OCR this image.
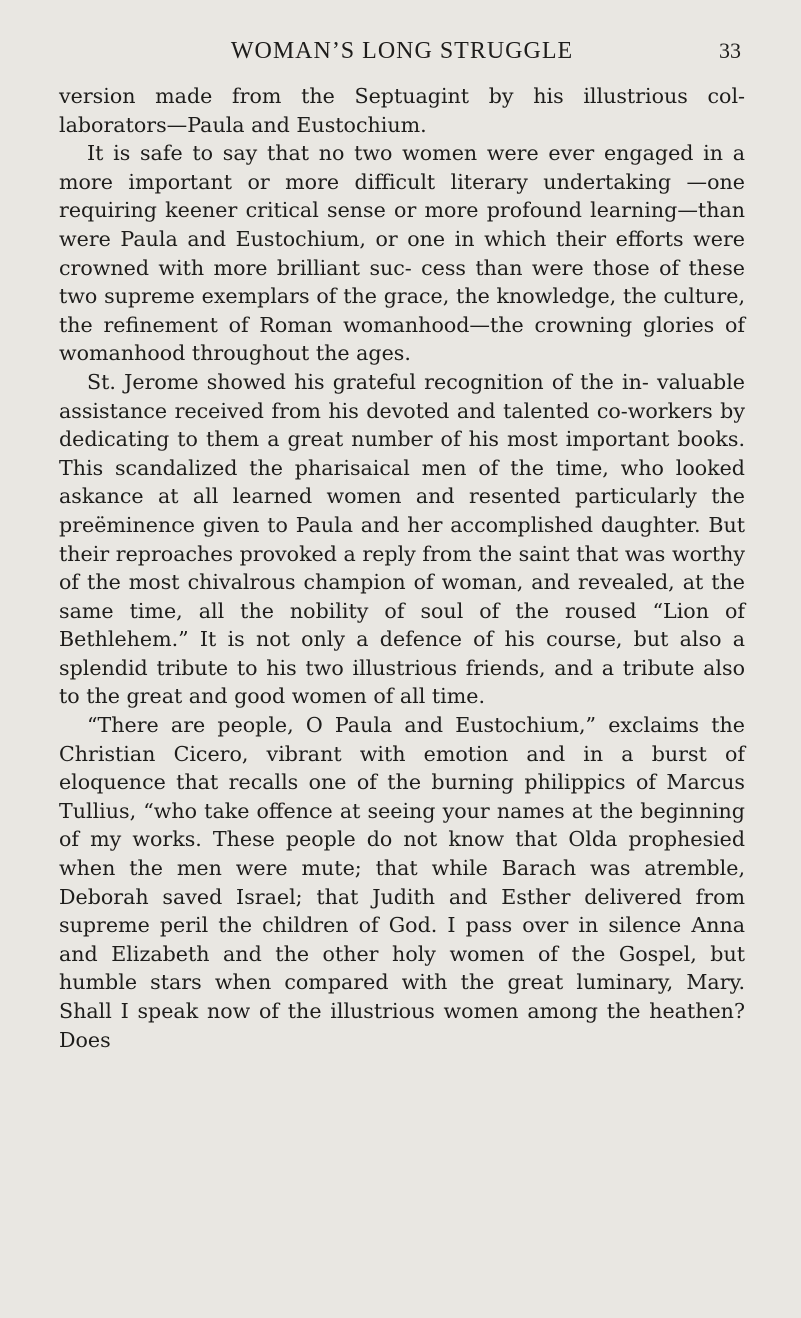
WOMAN’S LONG STRUGGLE	33

version made from the Septuagint by his illustrious col- laborators—Paula and Eustochium.

It is safe to say that no two women were ever engaged in a more important or more difficult literary undertaking —one requiring keener critical sense or more profound learning—than were Paula and Eustochium, or one in which their efforts were crowned with more brilliant suc- cess than were those of these two supreme exemplars of the grace, the knowledge, the culture, the refinement of Roman womanhood—the crowning glories of womanhood throughout the ages.

St. Jerome showed his grateful recognition of the in- valuable assistance received from his devoted and talented co-workers by dedicating to them a great number of his most important books. This scandalized the pharisaical men of the time, who looked askance at all learned women and resented particularly the preëminence given to Paula and her accomplished daughter. But their reproaches provoked a reply from the saint that was worthy of the most chivalrous champion of woman, and revealed, at the same time, all the nobility of soul of the roused “Lion of Bethlehem.” It is not only a defence of his course, but also a splendid tribute to his two illustrious friends, and a tribute also to the great and good women of all time.

“There are people, O Paula and Eustochium,” exclaims the Christian Cicero, vibrant with emotion and in a burst of eloquence that recalls one of the burning philippics of Marcus Tullius, “who take offence at seeing your names at the beginning of my works. These people do not know that Olda prophesied when the men were mute; that while Barach was atremble, Deborah saved Israel; that Judith and Esther delivered from supreme peril the children of God. I pass over in silence Anna and Elizabeth and the other holy women of the Gospel, but humble stars when compared with the great luminary, Mary. Shall I speak now of the illustrious women among the heathen? Does
